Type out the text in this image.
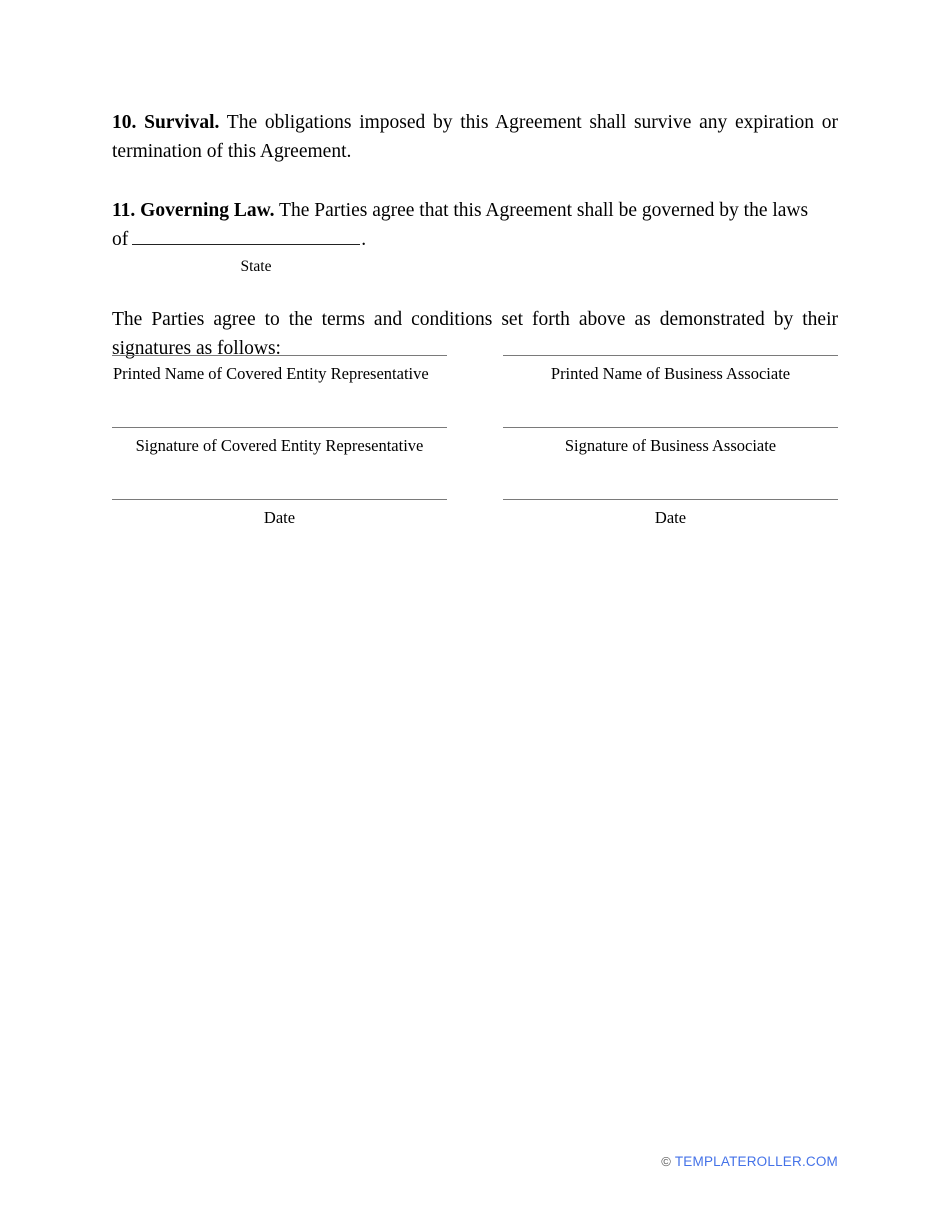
10. Survival. The obligations imposed by this Agreement shall survive any expiration or termination of this Agreement.

11. Governing Law. The Parties agree that this Agreement shall be governed by the laws

of	.
State

The Parties agree to the terms and conditions set forth above as demonstrated by their signatures as follows:

Printed Name of Covered Entity Representative	Printed Name of Business Associate
Signature of Covered Entity Representative	Signature of Business Associate
Date	Date
© TEMPLATEROLLER.COM
